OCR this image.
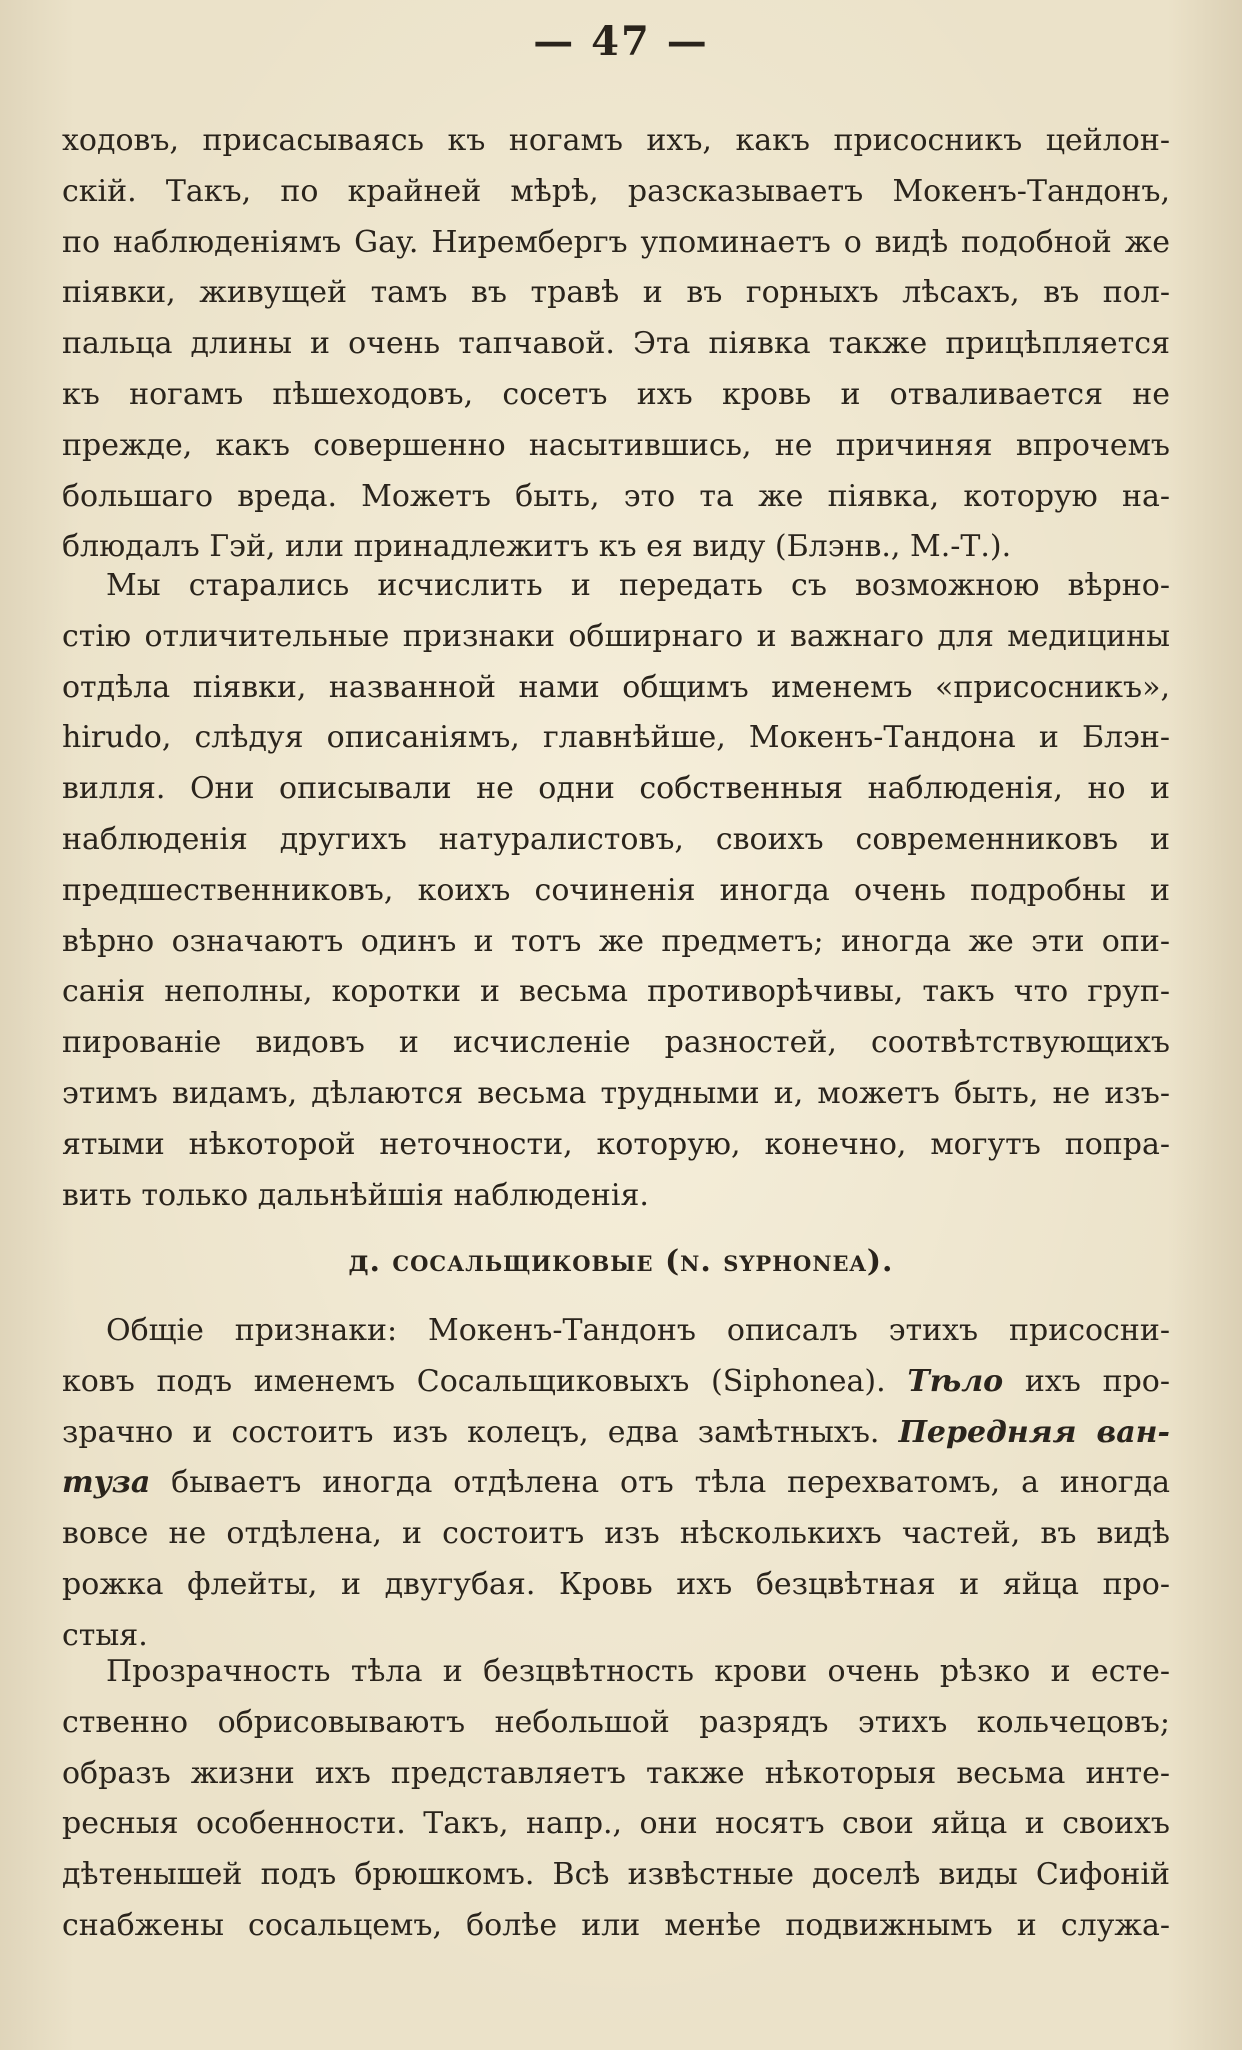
— 47 —
ходовъ, присасываясь къ ногамъ ихъ, какъ присосникъ цейлон-
скій. Такъ, по крайней мѣрѣ, разсказываетъ Мокенъ-Тандонъ,
по наблюденіямъ Gay. Нирембергъ упоминаетъ о видѣ подобной же
піявки, живущей тамъ въ травѣ и въ горныхъ лѣсахъ, въ пол-
пальца длины и очень тапчавой. Эта піявка также прицѣпляется
къ ногамъ пѣшеходовъ, сосетъ ихъ кровь и отваливается не
прежде, какъ совершенно насытившись, не причиняя впрочемъ
большаго вреда. Можетъ быть, это та же піявка, которую на-
блюдалъ Гэй, или принадлежитъ къ ея виду (Блэнв., М.-Т.).
Мы старались исчислить и передать съ возможною вѣрно-
стію отличительные признаки обширнаго и важнаго для медицины
отдѣла піявки, названной нами общимъ именемъ «присосникъ»,
hirudo, слѣдуя описаніямъ, главнѣйше, Мокенъ-Тандона и Блэн-
вилля. Они описывали не одни собственныя наблюденія, но и
наблюденія другихъ натуралистовъ, своихъ современниковъ и
предшественниковъ, коихъ сочиненія иногда очень подробны и
вѣрно означаютъ одинъ и тотъ же предметъ; иногда же эти опи-
санія неполны, коротки и весьма противорѣчивы, такъ что груп-
пированіе видовъ и исчисленіе разностей, соотвѣтствующихъ
этимъ видамъ, дѣлаются весьма трудными и, можетъ быть, не изъ-
ятыми нѣкоторой неточности, которую, конечно, могутъ попра-
вить только дальнѣйшія наблюденія.
д. сосальщиковые (n. syphonea).
Общіе признаки: Мокенъ-Тандонъ описалъ этихъ присосни-
ковъ подъ именемъ Сосальщиковыхъ (Siphonea). Тѣло ихъ про-
зрачно и состоитъ изъ колецъ, едва замѣтныхъ. Передняя ван-
туза бываетъ иногда отдѣлена отъ тѣла перехватомъ, а иногда
вовсе не отдѣлена, и состоитъ изъ нѣсколькихъ частей, въ видѣ
рожка флейты, и двугубая. Кровь ихъ безцвѣтная и яйца про-
стыя.
Прозрачность тѣла и безцвѣтность крови очень рѣзко и есте-
ственно обрисовываютъ небольшой разрядъ этихъ кольчецовъ;
образъ жизни ихъ представляетъ также нѣкоторыя весьма инте-
ресныя особенности. Такъ, напр., они носятъ свои яйца и своихъ
дѣтенышей подъ брюшкомъ. Всѣ извѣстные доселѣ виды Сифоній
снабжены сосальцемъ, болѣе или менѣе подвижнымъ и служа-
